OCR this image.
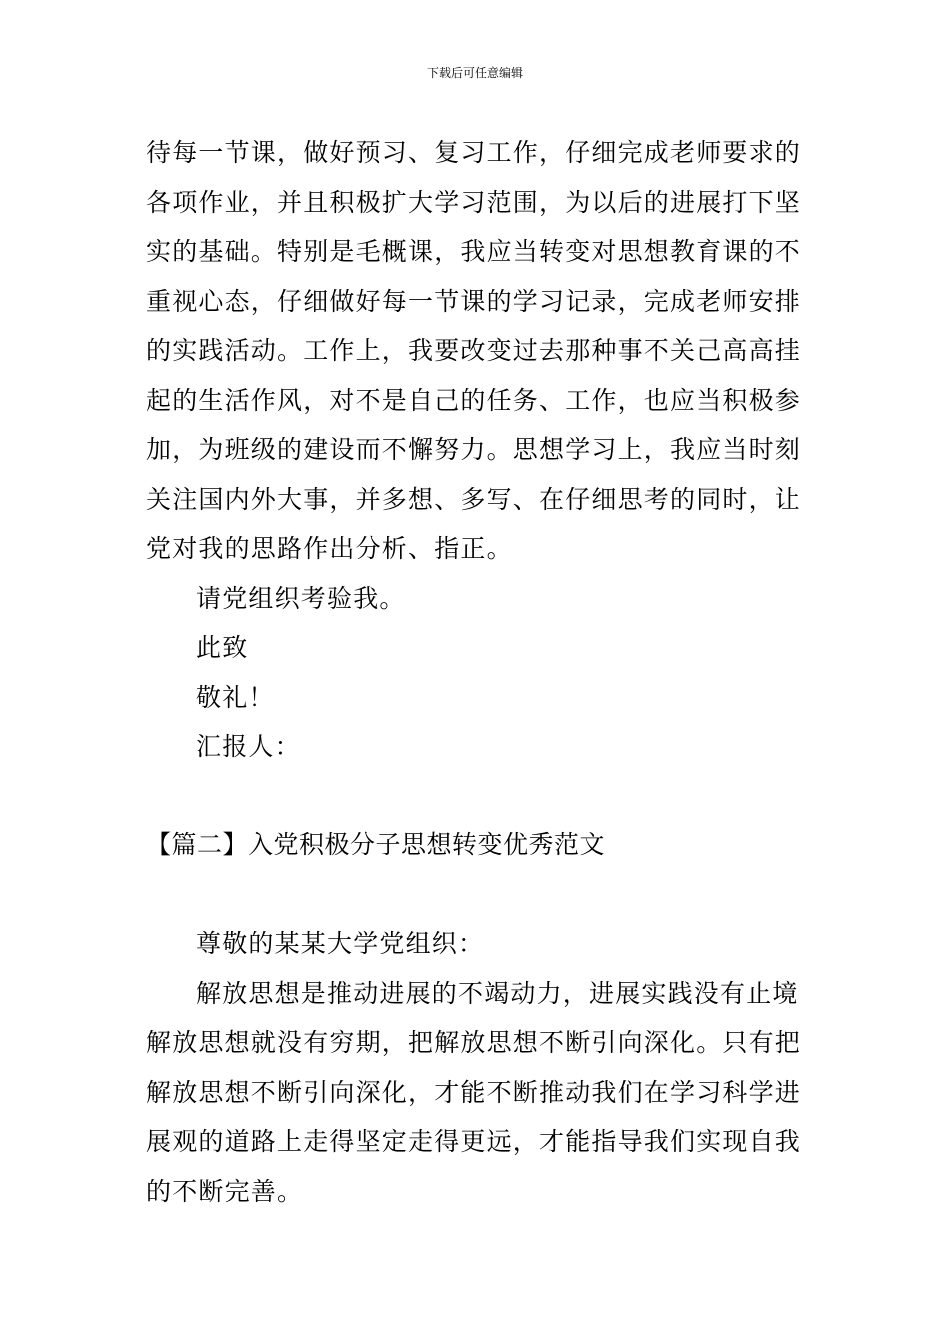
下载后可任意编辑
待每一节课，做好预习、复习工作，仔细完成老师要求的
各项作业，并且积极扩大学习范围，为以后的进展打下坚
实的基础。特别是毛概课，我应当转变对思想教育课的不
重视心态，仔细做好每一节课的学习记录，完成老师安排
的实践活动。工作上，我要改变过去那种事不关己高高挂
起的生活作风，对不是自己的任务、工作，也应当积极参
加，为班级的建设而不懈努力。思想学习上，我应当时刻
关注国内外大事，并多想、多写、在仔细思考的同时，让
党对我的思路作出分析、指正。
请党组织考验我。
此致
敬礼！
汇报人：
【篇二】入党积极分子思想转变优秀范文
尊敬的某某大学党组织：
解放思想是推动进展的不竭动力，进展实践没有止境
解放思想就没有穷期，把解放思想不断引向深化。只有把
解放思想不断引向深化，才能不断推动我们在学习科学进
展观的道路上走得坚定走得更远，才能指导我们实现自我
的不断完善。
